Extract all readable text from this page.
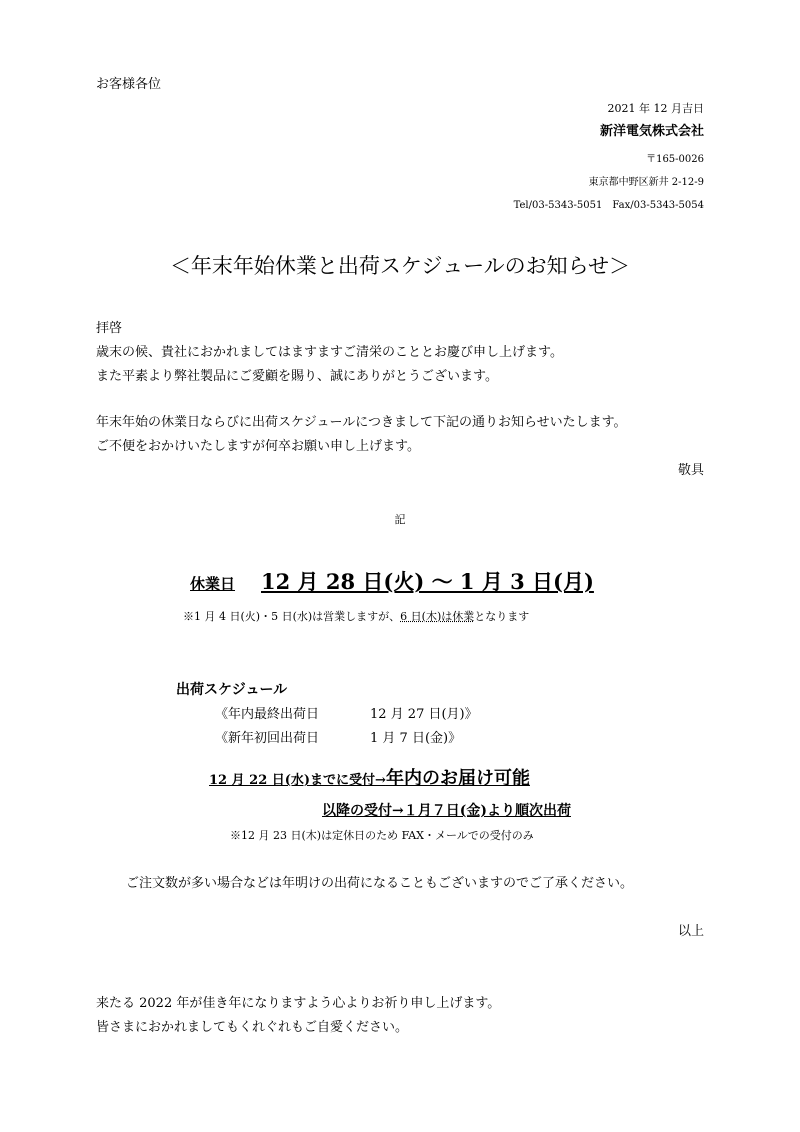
お客様各位
2021 年 12 月吉日
新洋電気株式会社
〒165-0026
東京都中野区新井 2-12-9
Tel/03-5343-5051　Fax/03-5343-5054
＜年末年始休業と出荷スケジュールのお知らせ＞
拝啓
歳末の候、貴社におかれましてはますますご清栄のこととお慶び申し上げます。
また平素より弊社製品にご愛顧を賜り、誠にありがとうございます。
年末年始の休業日ならびに出荷スケジュールにつきまして下記の通りお知らせいたします。
ご不便をおかけいたしますが何卒お願い申し上げます。
敬具
記
休業日 12 月 28 日(火) ～ 1 月 3 日(月)
※1 月 4 日(火)・5 日(水)は営業しますが、6 日(木)は休業となります
出荷スケジュール
《年内最終出荷日	12 月 27 日(月)》
《新年初回出荷日	1 月 7 日(金)》
12 月 22 日(水)までに受付→ 年内のお届け可能
以降の受付→１月７日(金)より順次出荷
※12 月 23 日(木)は定休日のため FAX・メールでの受付のみ
ご注文数が多い場合などは年明けの出荷になることもございますのでご了承ください。
以上
来たる 2022 年が佳き年になりますよう心よりお祈り申し上げます。
皆さまにおかれましてもくれぐれもご自愛ください。
